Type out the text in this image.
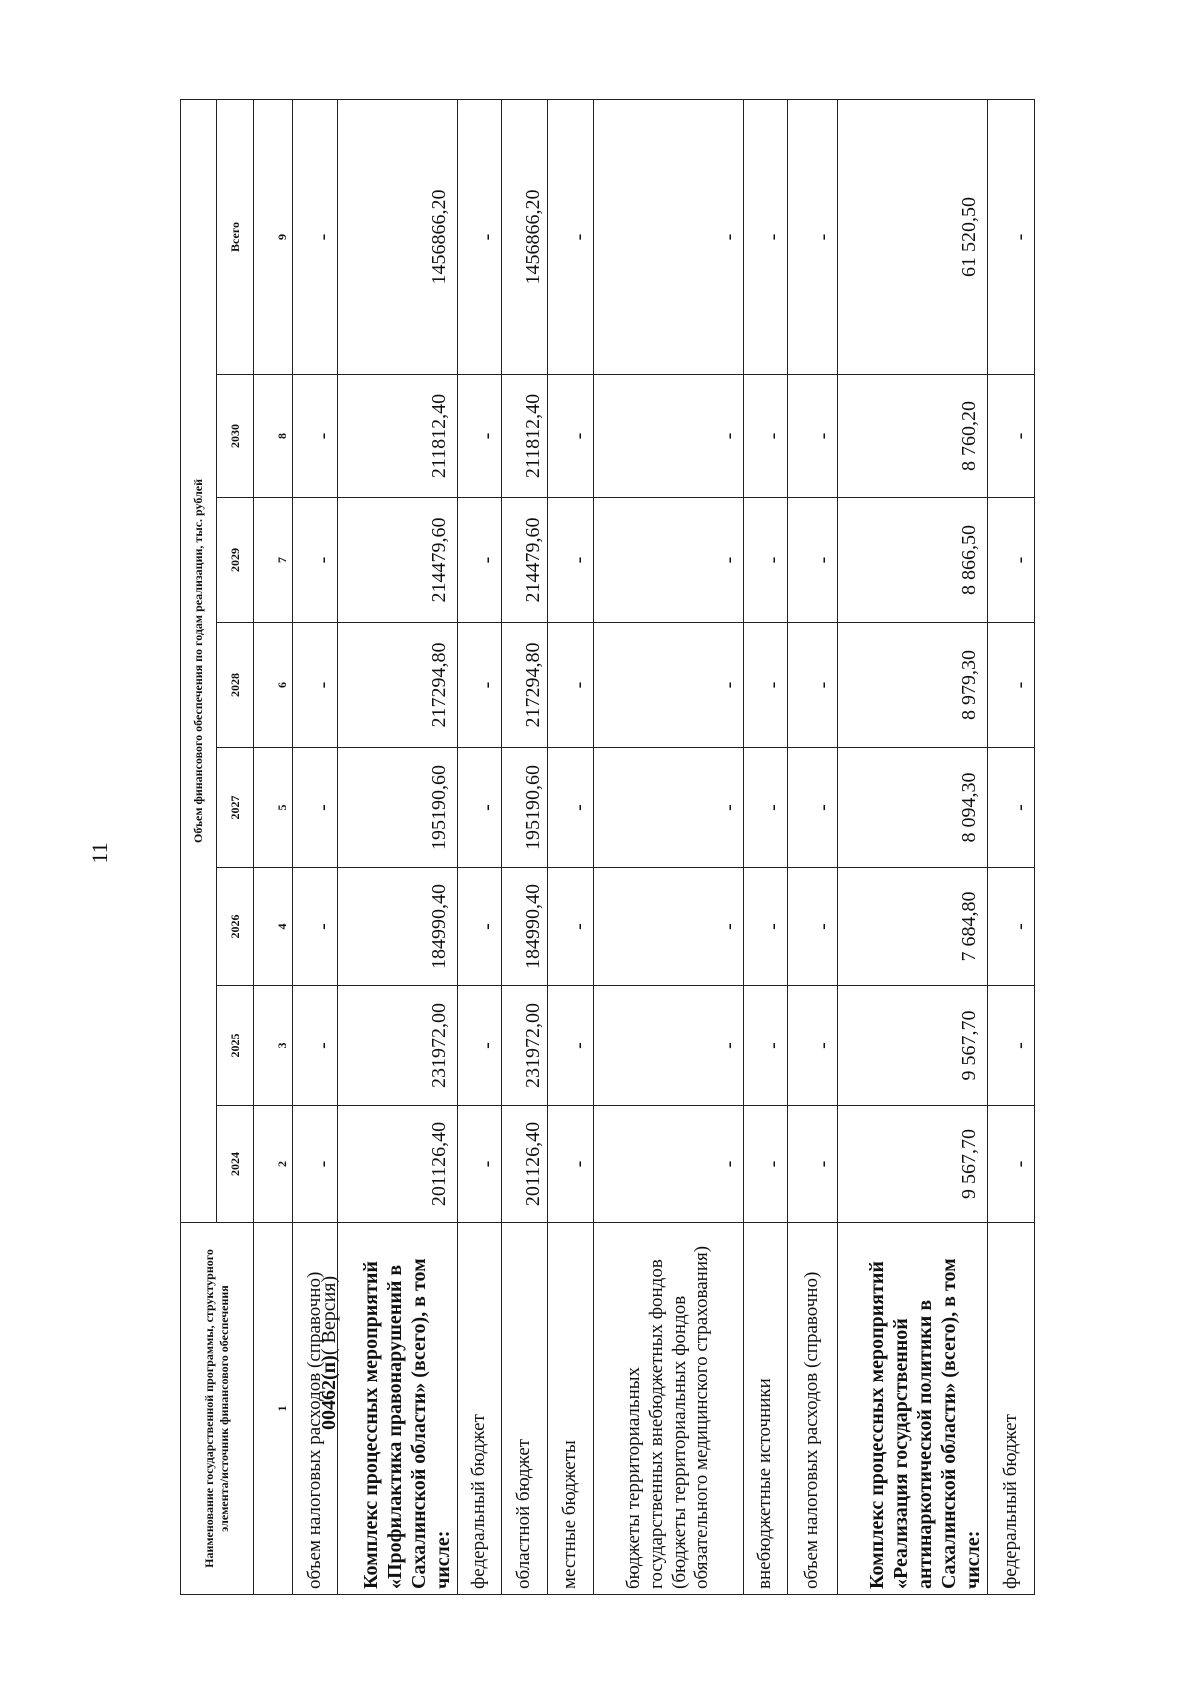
11
Наименование государственной программы, структурного элемента/источник финансового обеспечения	Объем финансового обеспечения по годам реализации, тыс. рублей							
	2024	2025	2026	2027	2028	2029	2030	Всего
1	2	3	4	5	6	7	8	9
объем налоговых расходов (справочно)	-	-	-	-	-	-	-	-
Комплекс процессных мероприятий «Профилактика правонарушений в Сахалинской области» (всего), в том числе:	201126,40	231972,00	184990,40	195190,60	217294,80	214479,60	211812,40	1456866,20
федеральный бюджет	-	-	-	-	-	-	-	-
областной бюджет	201126,40	231972,00	184990,40	195190,60	217294,80	214479,60	211812,40	1456866,20
местные бюджеты	-	-	-	-	-	-	-	-
бюджеты территориальных государственных внебюджетных фондов (бюджеты территориальных фондов обязательного медицинского страхования)	-	-	-	-	-	-	-	-
внебюджетные источники	-	-	-	-	-	-	-	-
объем налоговых расходов (справочно)	-	-	-	-	-	-	-	-
Комплекс процессных мероприятий «Реализация государственной антинаркотической политики в Сахалинской области» (всего), в том числе:	9 567,70	9 567,70	7 684,80	8 094,30	8 979,30	8 866,50	8 760,20	61 520,50
федеральный бюджет	-	-	-	-	-	-	-	-
00462(п)( Версия)
